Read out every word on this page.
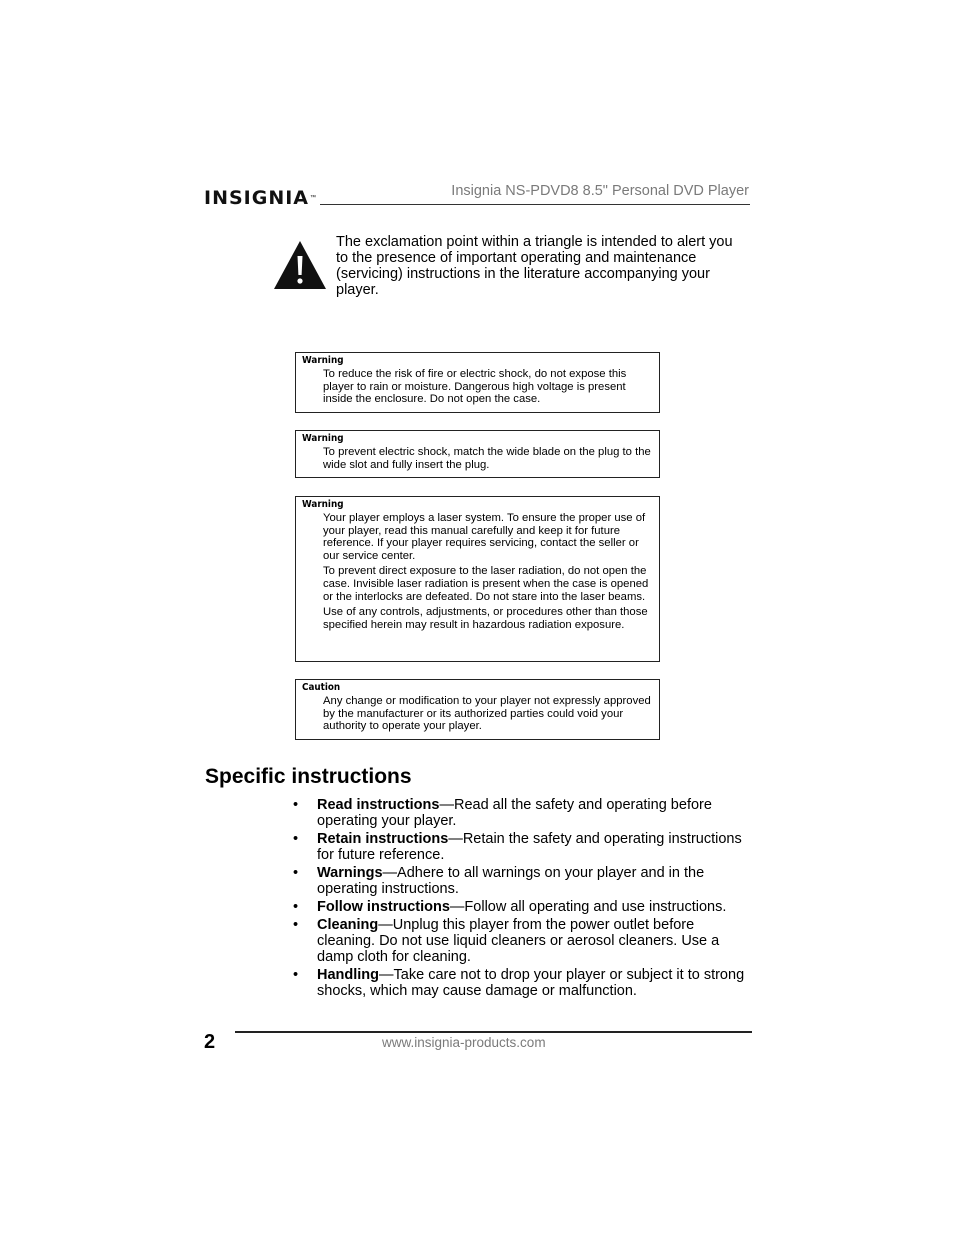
INSIGNIA ™	Insignia NS-PDVD8 8.5" Personal DVD Player
The exclamation point within a triangle is intended to alert you to the presence of important operating and maintenance (servicing) instructions in the literature accompanying your player.
Warning

To reduce the risk of fire or electric shock, do not expose this player to rain or moisture. Dangerous high voltage is present inside the enclosure. Do not open the case.

Warning

To prevent electric shock, match the wide blade on the plug to the wide slot and fully insert the plug.

Warning

Your player employs a laser system. To ensure the proper use of your player, read this manual carefully and keep it for future reference. If your player requires servicing, contact the seller or our service center.

To prevent direct exposure to the laser radiation, do not open the case. Invisible laser radiation is present when the case is opened or the interlocks are defeated. Do not stare into the laser beams.

Use of any controls, adjustments, or procedures other than those specified herein may result in hazardous radiation exposure.

Caution

Any change or modification to your player not expressly approved by the manufacturer or its authorized parties could void your authority to operate your player.

Specific instructions
• Read instructions—Read all the safety and operating before operating your player.
• Retain instructions—Retain the safety and operating instructions for future reference.
• Warnings—Adhere to all warnings on your player and in the operating instructions.
• Follow instructions—Follow all operating and use instructions.
• Cleaning—Unplug this player from the power outlet before cleaning. Do not use liquid cleaners or aerosol cleaners. Use a damp cloth for cleaning.
• Handling—Take care not to drop your player or subject it to strong shocks, which may cause damage or malfunction.
2	www.insignia-products.com
